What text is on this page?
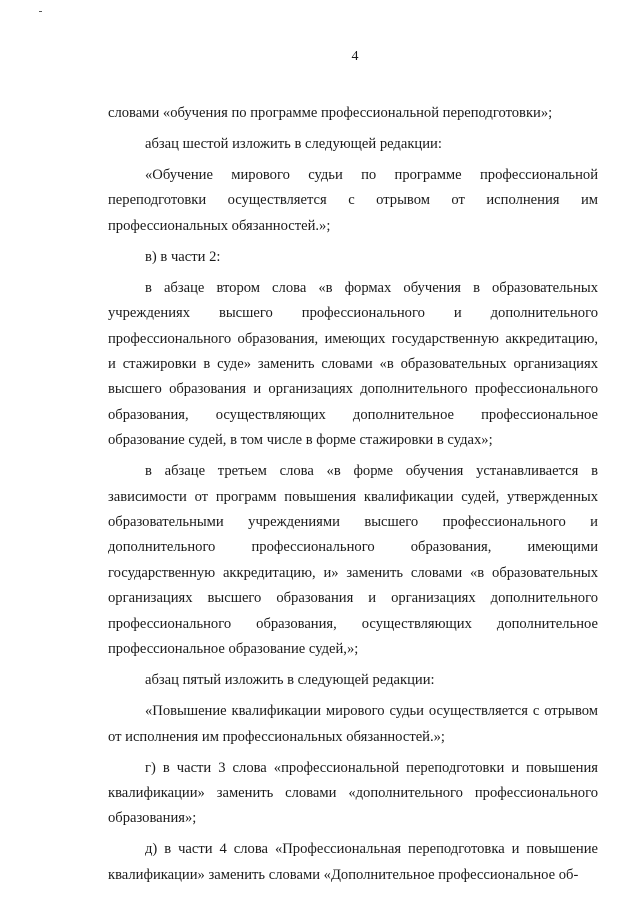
4

словами «обучения по программе профессиональной переподготовки»;

абзац шестой изложить в следующей редакции:

«Обучение мирового судьи по программе профессиональной переподготовки осуществляется с отрывом от исполнения им профессиональных обязанностей.»;

в) в части 2:

в абзаце втором слова «в формах обучения в образовательных учреждениях высшего профессионального и дополнительного профессионального образования, имеющих государственную аккредитацию, и стажировки в суде» заменить словами «в образовательных организациях высшего образования и организациях дополнительного профессионального образования, осуществляющих дополнительное профессиональное образование судей, в том числе в форме стажировки в судах»;

в абзаце третьем слова «в форме обучения устанавливается в зависимости от программ повышения квалификации судей, утвержденных образовательными учреждениями высшего профессионального и дополнительного профессионального образования, имеющими государственную аккредитацию, и» заменить словами «в образовательных организациях высшего образования и организациях дополнительного профессионального образования, осуществляющих дополнительное профессиональное образование судей,»;

абзац пятый изложить в следующей редакции:

«Повышение квалификации мирового судьи осуществляется с отрывом от исполнения им профессиональных обязанностей.»;

г) в части 3 слова «профессиональной переподготовки и повышения квалификации» заменить словами «дополнительного профессионального образования»;

д) в части 4 слова «Профессиональная переподготовка и повышение квалификации» заменить словами «Дополнительное профессиональное об-
